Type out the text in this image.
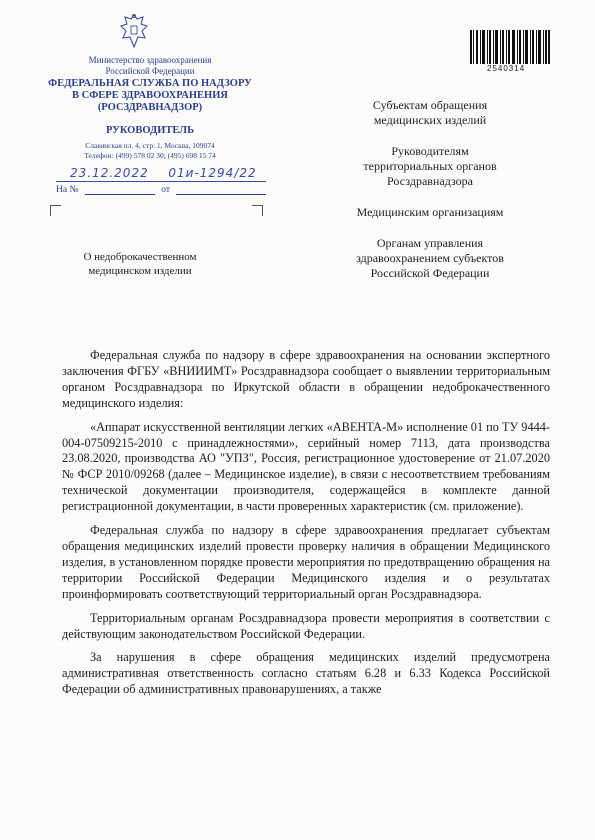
Министерство здравоохранения
Российской Федерации
ФЕДЕРАЛЬНАЯ СЛУЖБА ПО НАДЗОРУ
В СФЕРЕ ЗДРАВООХРАНЕНИЯ
(РОСЗДРАВНАДЗОР)
РУКОВОДИТЕЛЬ
Славянская пл. 4, стр. 1, Москва, 109074
Телефон: (499) 578 02 30; (495) 698 15 74
23.12.2022 01и-1294/22
На №	от
О недоброкачественном
медицинском изделии
2540314

Субъектам обращения
медицинских изделий

Руководителям
территориальных органов
Росздравнадзора

Медицинским организациям

Органам управления
здравоохранением субъектов
Российской Федерации

Федеральная служба по надзору в сфере здравоохранения на основании экспертного заключения ФГБУ «ВНИИИМТ» Росздравнадзора сообщает о выявлении территориальным органом Росздравнадзора по Иркутской области в обращении недоброкачественного медицинского изделия:

«Аппарат искусственной вентиляции легких «АВЕНТА-М» исполнение 01 по ТУ 9444-004-07509215-2010 с принадлежностями», серийный номер 7113, дата производства 23.08.2020, производства АО "УПЗ", Россия, регистрационное удостоверение от 21.07.2020 № ФСР 2010/09268 (далее – Медицинское изделие), в связи с несоответствием требованиям технической документации производителя, содержащейся в комплекте данной регистрационной документации, в части проверенных характеристик (см. приложение).

Федеральная служба по надзору в сфере здравоохранения предлагает субъектам обращения медицинских изделий провести проверку наличия в обращении Медицинского изделия, в установленном порядке провести мероприятия по предотвращению обращения на территории Российской Федерации Медицинского изделия и о результатах проинформировать соответствующий территориальный орган Росздравнадзора.

Территориальным органам Росздравнадзора провести мероприятия в соответствии с действующим законодательством Российской Федерации.

За нарушения в сфере обращения медицинских изделий предусмотрена административная ответственность согласно статьям 6.28 и 6.33 Кодекса Российской Федерации об административных правонарушениях, а также
